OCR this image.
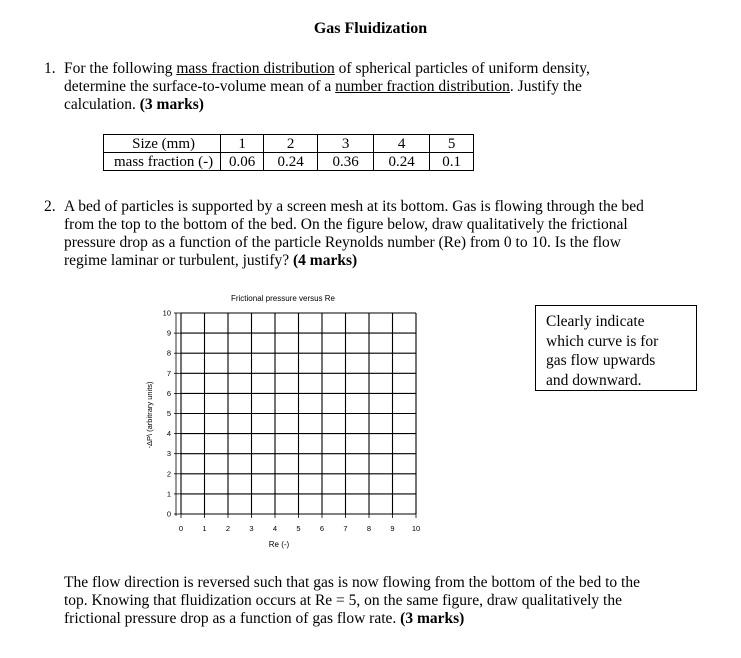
Gas Fluidization
1. For the following mass fraction distribution of spherical particles of uniform density,
determine the surface-to-volume mean of a number fraction distribution. Justify the
calculation. (3 marks)
Size (mm)	1	2	3	4	5
mass fraction (-)	0.06	0.24	0.36	0.24	0.1
2. A bed of particles is supported by a screen mesh at its bottom. Gas is flowing through the bed
from the top to the bottom of the bed. On the figure below, draw qualitatively the frictional
pressure drop as a function of the particle Reynolds number (Re) from 0 to 10. Is the flow
regime laminar or turbulent, justify? (4 marks)
Frictional pressure versus Re
0	1	2	3	4	5	6	7	8	9 10
0
1
2
3
4
5
6
7
8
9
10
Re (-)
-ΔP\ (arbitrary units)
Clearly indicate
which curve is for
gas flow upwards
and downward.
The flow direction is reversed such that gas is now flowing from the bottom of the bed to the
top. Knowing that fluidization occurs at Re = 5, on the same figure, draw qualitatively the
frictional pressure drop as a function of gas flow rate. (3 marks)
